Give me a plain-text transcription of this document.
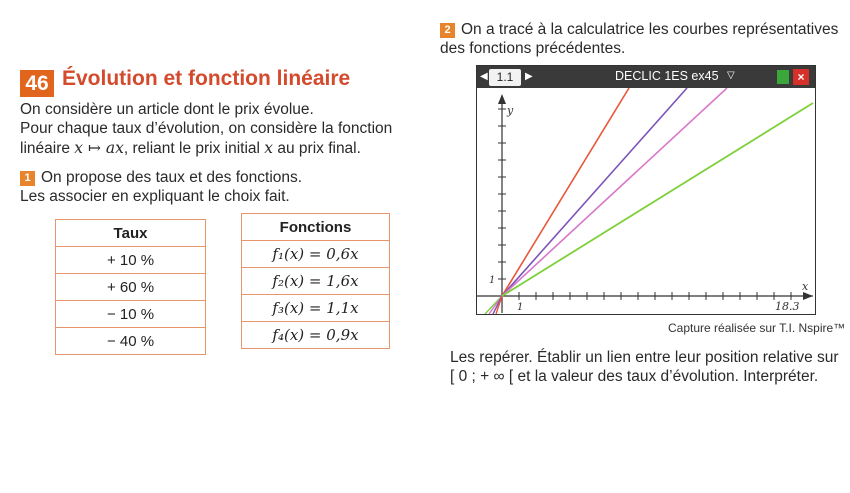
46 Évolution et fonction linéaire
On considère un article dont le prix évolue.
Pour chaque taux d’évolution, on considère la fonction
linéaire x ↦ ax, reliant le prix initial x au prix final.
1 On propose des taux et des fonctions.
Les associer en expliquant le choix fait.
Taux
+ 10 %
+ 60 %
− 10 %
− 40 %
Fonctions
f₁(x) = 0,6x
f₂(x) = 1,6x
f₃(x) = 1,1x
f₄(x) = 0,9x
2 On a tracé à la calculatrice les courbes représentatives
des fonctions précédentes.
◀ 1.1	▶	DECLIC 1ES ex45 ▽	×
y
x
1
1	18.3
Capture réalisée sur T.I. Nspire™
Les repérer. Établir un lien entre leur position relative sur
[ 0 ; + ∞ [ et la valeur des taux d’évolution. Interpréter.
